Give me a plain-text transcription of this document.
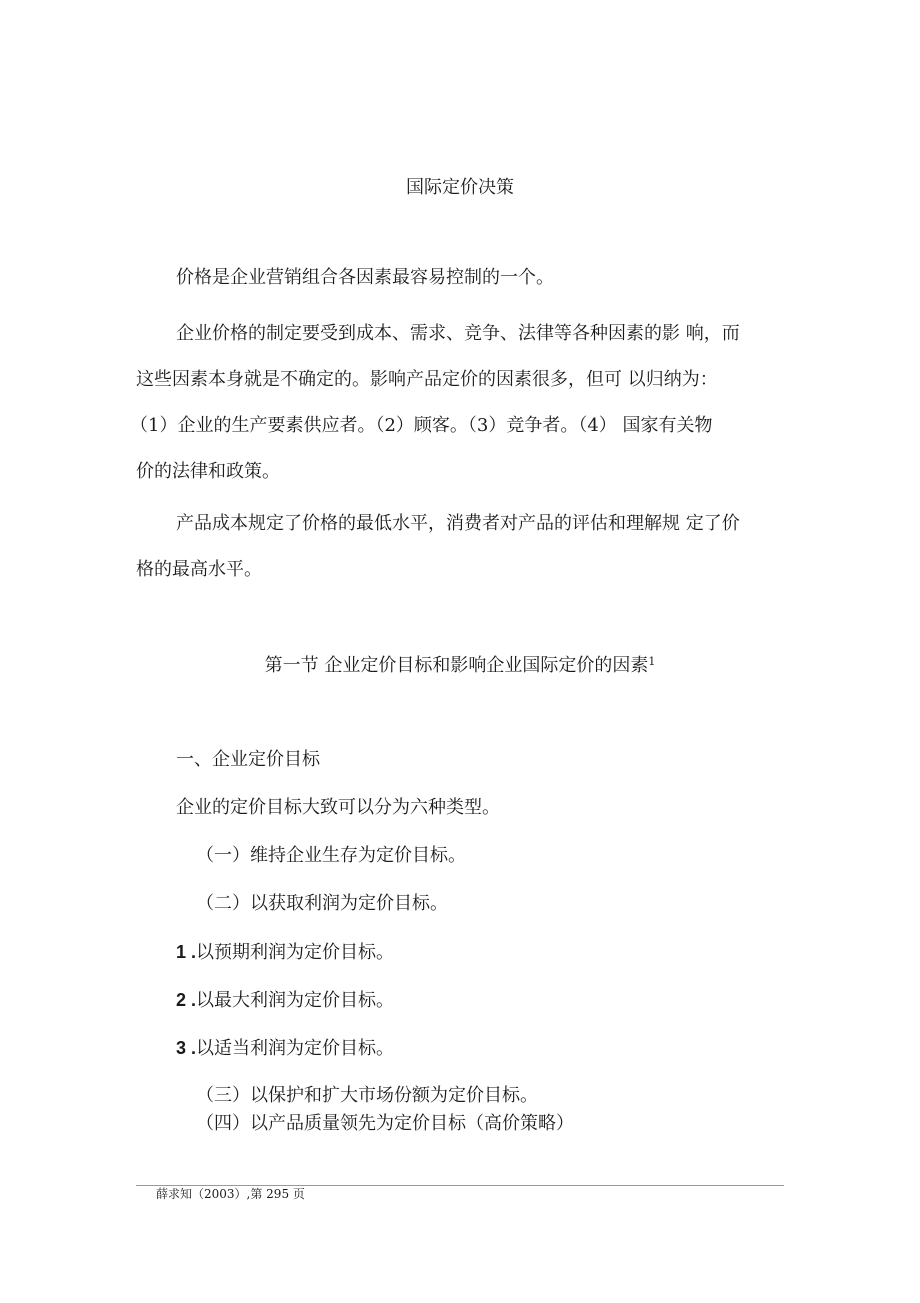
国际定价决策
价格是企业营销组合各因素最容易控制的一个。
企业价格的制定要受到成本、需求、竞争、法律等各种因素的影 响，而
这些因素本身就是不确定的。影响产品定价的因素很多，但可 以归纳为：
（1）企业的生产要素供应者。（2）顾客。（3）竞争者。（4） 国家有关物
价的法律和政策。
产品成本规定了价格的最低水平，消费者对产品的评估和理解规 定了价
格的最高水平。
第一节 企业定价目标和影响企业国际定价的因素$^1$
一、企业定价目标
企业的定价目标大致可以分为六种类型。
（一）维持企业生存为定价目标。
（二）以获取利润为定价目标。
1 .以预期利润为定价目标。
2 .以最大利润为定价目标。
3 .以适当利润为定价目标。
（三）以保护和扩大市场份额为定价目标。
（四）以产品质量领先为定价目标（高价策略）
薛求知（2003）,第 295 页
